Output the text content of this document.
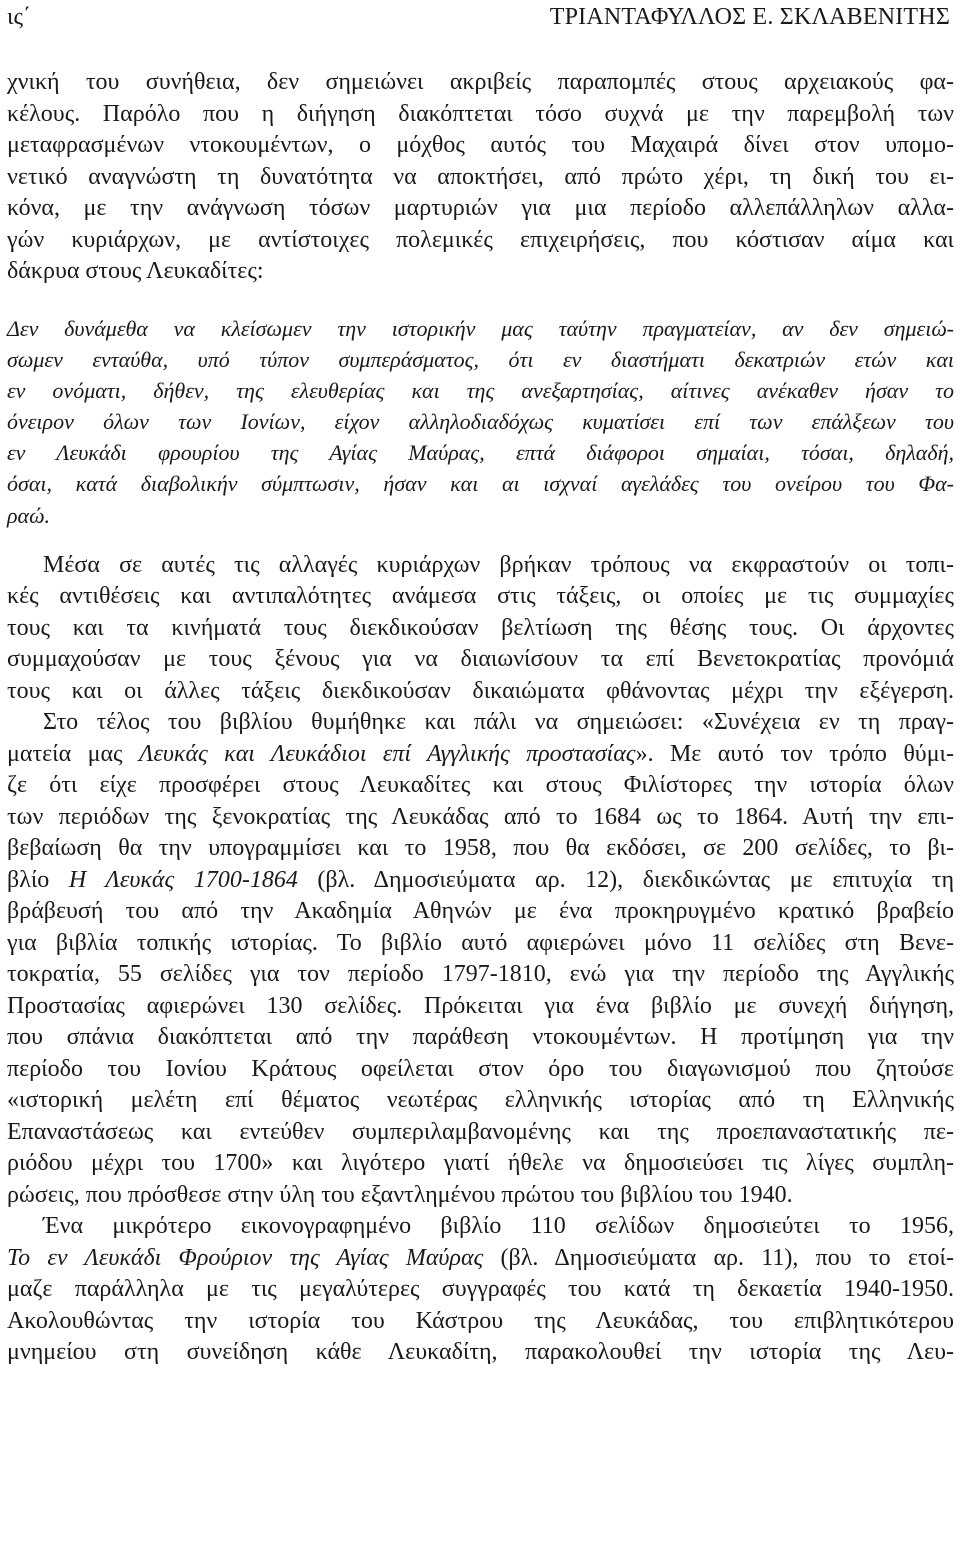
ις΄	ΤΡΙΑΝΤΑΦΥΛΛΟΣ Ε. ΣΚΛΑΒΕΝΙΤΗΣ
χνική του συνήθεια, δεν σημειώνει ακριβείς παραπομπές στους αρχειακούς φα-
κέλους. Παρόλο που η διήγηση διακόπτεται τόσο συχνά με την παρεμβολή των
μεταφρασμένων ντοκουμέντων, ο μόχθος αυτός του Μαχαιρά δίνει στον υπομο-
νετικό αναγνώστη τη δυνατότητα να αποκτήσει, από πρώτο χέρι, τη δική του ει-
κόνα, με την ανάγνωση τόσων μαρτυριών για μια περίοδο αλλεπάλληλων αλλα-
γών κυριάρχων, με αντίστοιχες πολεμικές επιχειρήσεις, που κόστισαν αίμα και
δάκρυα στους Λευκαδίτες:
Δεν δυνάμεθα να κλείσωμεν την ιστορικήν μας ταύτην πραγματείαν, αν δεν σημειώ-
σωμεν ενταύθα, υπό τύπον συμπεράσματος, ότι εν διαστήματι δεκατριών ετών και
εν ονόματι, δήθεν, της ελευθερίας και της ανεξαρτησίας, αίτινες ανέκαθεν ήσαν το
όνειρον όλων των Ιονίων, είχον αλληλοδιαδόχως κυματίσει επί των επάλξεων του
εν Λευκάδι φρουρίου της Αγίας Μαύρας, επτά διάφοροι σημαίαι, τόσαι, δηλαδή,
όσαι, κατά διαβολικήν σύμπτωσιν, ήσαν και αι ισχναί αγελάδες του ονείρου του Φα-
ραώ.
Μέσα σε αυτές τις αλλαγές κυριάρχων βρήκαν τρόπους να εκφραστούν οι τοπι-
κές αντιθέσεις και αντιπαλότητες ανάμεσα στις τάξεις, οι οποίες με τις συμμαχίες
τους και τα κινήματά τους διεκδικούσαν βελτίωση της θέσης τους. Οι άρχοντες
συμμαχούσαν με τους ξένους για να διαιωνίσουν τα επί Βενετοκρατίας προνόμιά
τους και οι άλλες τάξεις διεκδικούσαν δικαιώματα φθάνοντας μέχρι την εξέγερση.
Στο τέλος του βιβλίου θυμήθηκε και πάλι να σημειώσει: «Συνέχεια εν τη πραγ-
ματεία μας Λευκάς και Λευκάδιοι επί Αγγλικής προστασίας». Με αυτό τον τρόπο θύμι-
ζε ότι είχε προσφέρει στους Λευκαδίτες και στους Φιλίστορες την ιστορία όλων
των περιόδων της ξενοκρατίας της Λευκάδας από το 1684 ως το 1864. Αυτή την επι-
βεβαίωση θα την υπογραμμίσει και το 1958, που θα εκδόσει, σε 200 σελίδες, το βι-
βλίο Η Λευκάς 1700-1864 (βλ. Δημοσιεύματα αρ. 12), διεκδικώντας με επιτυχία τη
βράβευσή του από την Ακαδημία Αθηνών με ένα προκηρυγμένο κρατικό βραβείο
για βιβλία τοπικής ιστορίας. Το βιβλίο αυτό αφιερώνει μόνο 11 σελίδες στη Βενε-
τοκρατία, 55 σελίδες για τον περίοδο 1797-1810, ενώ για την περίοδο της Αγγλικής
Προστασίας αφιερώνει 130 σελίδες. Πρόκειται για ένα βιβλίο με συνεχή διήγηση,
που σπάνια διακόπτεται από την παράθεση ντοκουμέντων. Η προτίμηση για την
περίοδο του Ιονίου Κράτους οφείλεται στον όρο του διαγωνισμού που ζητούσε
«ιστορική μελέτη επί θέματος νεωτέρας ελληνικής ιστορίας από τη Ελληνικής
Επαναστάσεως και εντεύθεν συμπεριλαμβανομένης και της προεπαναστατικής πε-
ριόδου μέχρι του 1700» και λιγότερο γιατί ήθελε να δημοσιεύσει τις λίγες συμπλη-
ρώσεις, που πρόσθεσε στην ύλη του εξαντλημένου πρώτου του βιβλίου του 1940.
Ένα μικρότερο εικονογραφημένο βιβλίο 110 σελίδων δημοσιεύτει το 1956,
Το εν Λευκάδι Φρούριον της Αγίας Μαύρας (βλ. Δημοσιεύματα αρ. 11), που το ετοί-
μαζε παράλληλα με τις μεγαλύτερες συγγραφές του κατά τη δεκαετία 1940-1950.
Ακολουθώντας την ιστορία του Κάστρου της Λευκάδας, του επιβλητικότερου
μνημείου στη συνείδηση κάθε Λευκαδίτη, παρακολουθεί την ιστορία της Λευ-
